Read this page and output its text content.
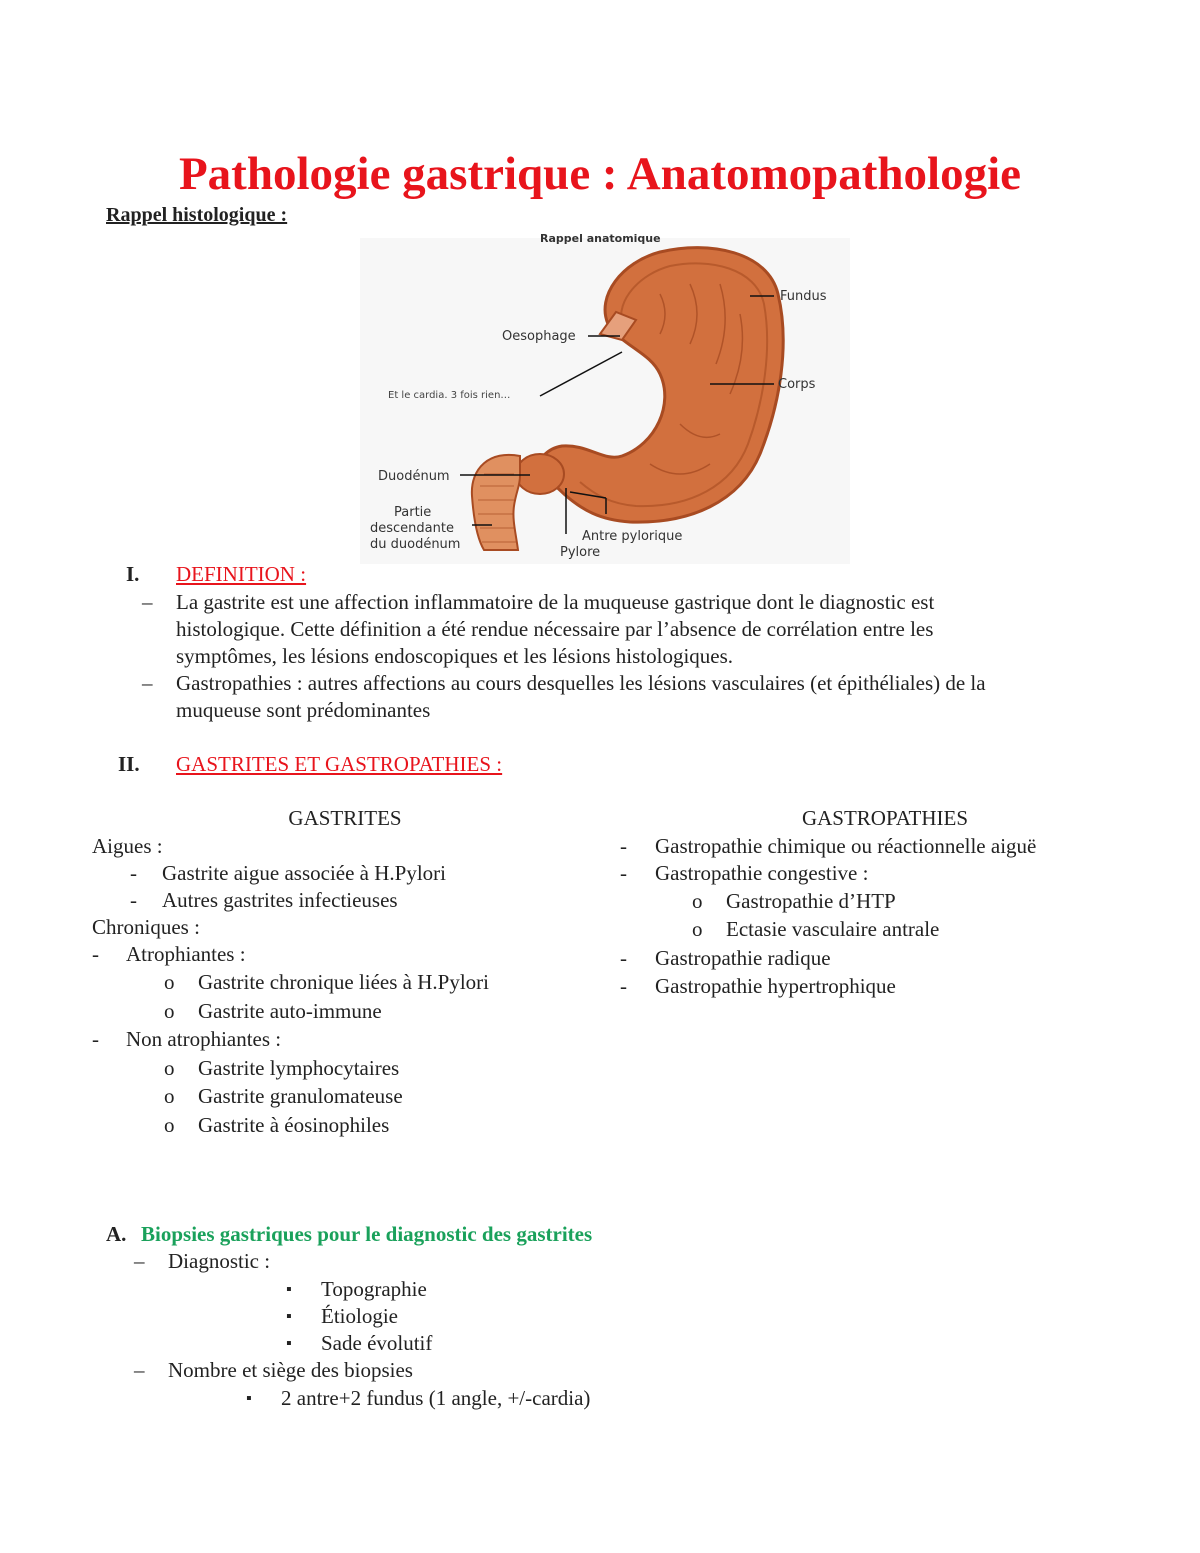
Pathologie gastrique : Anatomopathologie
Rappel histologique :
Rappel anatomique
Fundus
Oesophage
Et le cardia. 3 fois rien…
Corps
Duodénum
Partie
descendante
du duodénum
Antre pylorique
Pylore
I. DEFINITION :
– La gastrite est une affection inflammatoire de la muqueuse gastrique dont le diagnostic est
histologique. Cette définition a été rendue nécessaire par l’absence de corrélation entre les
symptômes, les lésions endoscopiques et les lésions histologiques.
– Gastropathies : autres affections au cours desquelles les lésions vasculaires (et épithéliales) de la
muqueuse sont prédominantes
II. GASTRITES ET GASTROPATHIES :
GASTRITES
Aigues :
- Gastrite aigue associée à H.Pylori
- Autres gastrites infectieuses
Chroniques :
- Atrophiantes :
o Gastrite chronique liées à H.Pylori
o Gastrite auto-immune
- Non atrophiantes :
o Gastrite lymphocytaires
o Gastrite granulomateuse
o Gastrite à éosinophiles
GASTROPATHIES
- Gastropathie chimique ou réactionnelle aiguë
- Gastropathie congestive :
o Gastropathie d’HTP
o Ectasie vasculaire antrale
- Gastropathie radique
- Gastropathie hypertrophique
A. Biopsies gastriques pour le diagnostic des gastrites
– Diagnostic :
▪ Topographie
▪ Étiologie
▪ Sade évolutif
– Nombre et siège des biopsies
▪ 2 antre+2 fundus (1 angle, +/-cardia)
